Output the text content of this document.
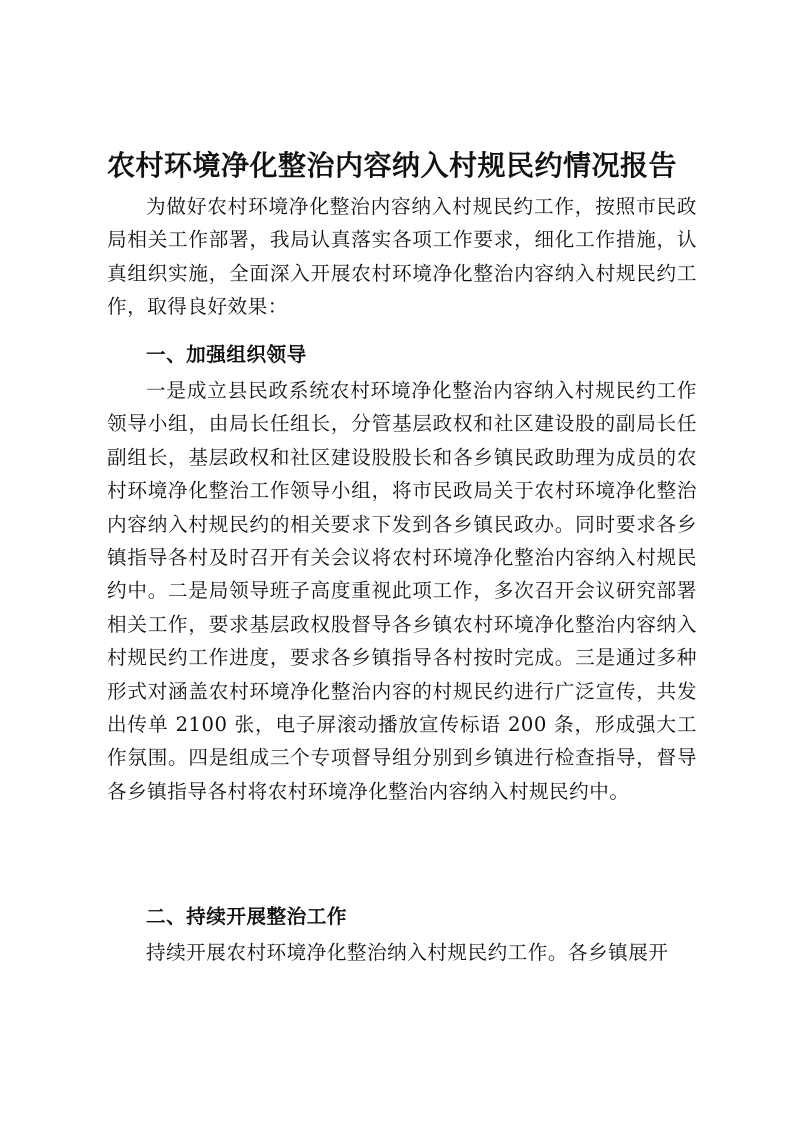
农村环境净化整治内容纳入村规民约情况报告

为做好农村环境净化整治内容纳入村规民约工作，按照市民政局相关工作部署，我局认真落实各项工作要求，细化工作措施，认真组织实施，全面深入开展农村环境净化整治内容纳入村规民约工作，取得良好效果：

一、加强组织领导

一是成立县民政系统农村环境净化整治内容纳入村规民约工作领导小组，由局长任组长，分管基层政权和社区建设股的副局长任副组长，基层政权和社区建设股股长和各乡镇民政助理为成员的农村环境净化整治工作领导小组，将市民政局关于农村环境净化整治内容纳入村规民约的相关要求下发到各乡镇民政办。同时要求各乡镇指导各村及时召开有关会议将农村环境净化整治内容纳入村规民约中。二是局领导班子高度重视此项工作，多次召开会议研究部署相关工作，要求基层政权股督导各乡镇农村环境净化整治内容纳入村规民约工作进度，要求各乡镇指导各村按时完成。三是通过多种形式对涵盖农村环境净化整治内容的村规民约进行广泛宣传，共发出传单 2100 张，电子屏滚动播放宣传标语 200 条，形成强大工作氛围。四是组成三个专项督导组分别到乡镇进行检查指导，督导各乡镇指导各村将农村环境净化整治内容纳入村规民约中。

二、持续开展整治工作

持续开展农村环境净化整治纳入村规民约工作。各乡镇展开
